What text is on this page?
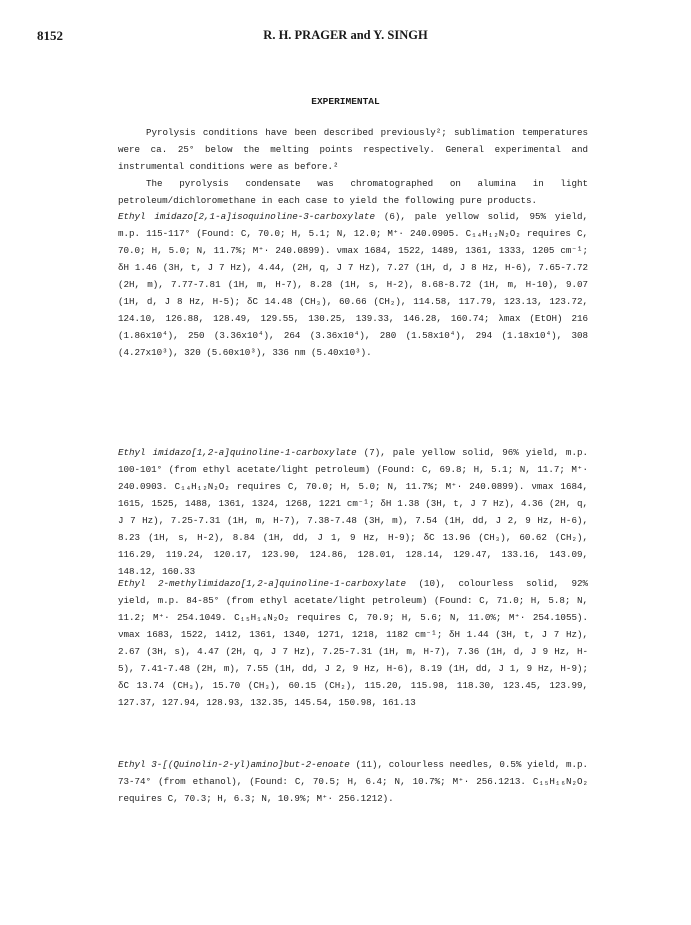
8152	R. H. PRAGER and Y. SINGH
EXPERIMENTAL

Pyrolysis conditions have been described previously²; sublimation temperatures were ca. 25° below the melting points respectively. General experimental and instrumental conditions were as before.²

The pyrolysis condensate was chromatographed on alumina in light petroleum/dichloromethane in each case to yield the following pure products.

Ethyl imidazo[2,1-a]isoquinoline-3-carboxylate (6), pale yellow solid, 95% yield, m.p. 115-117° (Found: C, 70.0; H, 5.1; N, 12.0; M⁺· 240.0905. C₁₄H₁₂N₂O₂ requires C, 70.0; H, 5.0; N, 11.7%; M⁺· 240.0899). νmax 1684, 1522, 1489, 1361, 1333, 1205 cm⁻¹; δH 1.46 (3H, t, J 7 Hz), 4.44, (2H, q, J 7 Hz), 7.27 (1H, d, J 8 Hz, H-6), 7.65-7.72 (2H, m), 7.77-7.81 (1H, m, H-7), 8.28 (1H, s, H-2), 8.68-8.72 (1H, m, H-10), 9.07 (1H, d, J 8 Hz, H-5); δC 14.48 (CH₃), 60.66 (CH₂), 114.58, 117.79, 123.13, 123.72, 124.10, 126.88, 128.49, 129.55, 130.25, 139.33, 146.28, 160.74; λmax (EtOH) 216 (1.86x10⁴), 250 (3.36x10⁴), 264 (3.36x10⁴), 280 (1.58x10⁴), 294 (1.18x10⁴), 308 (4.27x10³), 320 (5.60x10³), 336 nm (5.40x10³).

Ethyl imidazo[1,2-a]quinoline-1-carboxylate (7), pale yellow solid, 96% yield, m.p. 100-101° (from ethyl acetate/light petroleum) (Found: C, 69.8; H, 5.1; N, 11.7; M⁺· 240.0903. C₁₄H₁₂N₂O₂ requires C, 70.0; H, 5.0; N, 11.7%; M⁺· 240.0899). νmax 1684, 1615, 1525, 1488, 1361, 1324, 1268, 1221 cm⁻¹; δH 1.38 (3H, t, J 7 Hz), 4.36 (2H, q, J 7 Hz), 7.25-7.31 (1H, m, H-7), 7.38-7.48 (3H, m), 7.54 (1H, dd, J 2, 9 Hz, H-6), 8.23 (1H, s, H-2), 8.84 (1H, dd, J 1, 9 Hz, H-9); δC 13.96 (CH₃), 60.62 (CH₂), 116.29, 119.24, 120.17, 123.90, 124.86, 128.01, 128.14, 129.47, 133.16, 143.09, 148.12, 160.33

Ethyl 2-methylimidazo[1,2-a]quinoline-1-carboxylate (10), colourless solid, 92% yield, m.p. 84-85° (from ethyl acetate/light petroleum) (Found: C, 71.0; H, 5.8; N, 11.2; M⁺· 254.1049. C₁₅H₁₄N₂O₂ requires C, 70.9; H, 5.6; N, 11.0%; M⁺· 254.1055). νmax 1683, 1522, 1412, 1361, 1340, 1271, 1218, 1182 cm⁻¹; δH 1.44 (3H, t, J 7 Hz), 2.67 (3H, s), 4.47 (2H, q, J 7 Hz), 7.25-7.31 (1H, m, H-7), 7.36 (1H, d, J 9 Hz, H-5), 7.41-7.48 (2H, m), 7.55 (1H, dd, J 2, 9 Hz, H-6), 8.19 (1H, dd, J 1, 9 Hz, H-9); δC 13.74 (CH₃), 15.70 (CH₃), 60.15 (CH₂), 115.20, 115.98, 118.30, 123.45, 123.99, 127.37, 127.94, 128.93, 132.35, 145.54, 150.98, 161.13

Ethyl 3-[(Quinolin-2-yl)amino]but-2-enoate (11), colourless needles, 0.5% yield, m.p. 73-74° (from ethanol), (Found: C, 70.5; H, 6.4; N, 10.7%; M⁺· 256.1213. C₁₅H₁₆N₂O₂ requires C, 70.3; H, 6.3; N, 10.9%; M⁺· 256.1212).
